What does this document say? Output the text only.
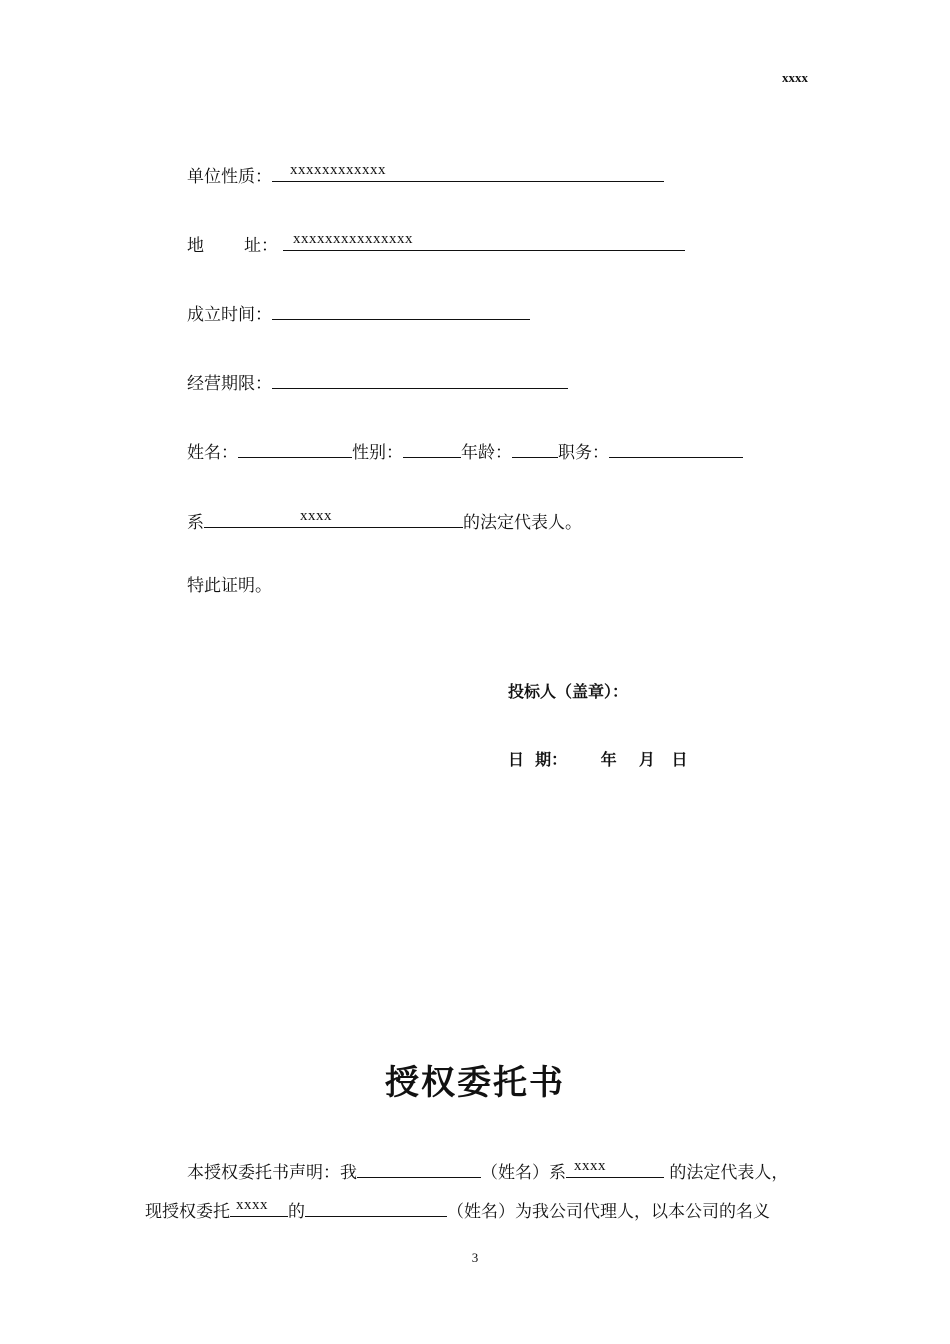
xxxx
单位性质： xxxxxxxxxxxx
地 址： xxxxxxxxxxxxxxx
成立时间：
经营期限：
姓名：	性别：	年龄：	职务：
系	xxxx	的法定代表人。
特此证明。
投标人（盖章）：
日  期：      年    月   日
授权委托书
本授权委托书声明：我	（姓名）系 xxxx	的法定代表人，
现授权委托 xxxx 的	（姓名）为我公司代理人，以本公司的名义
3
